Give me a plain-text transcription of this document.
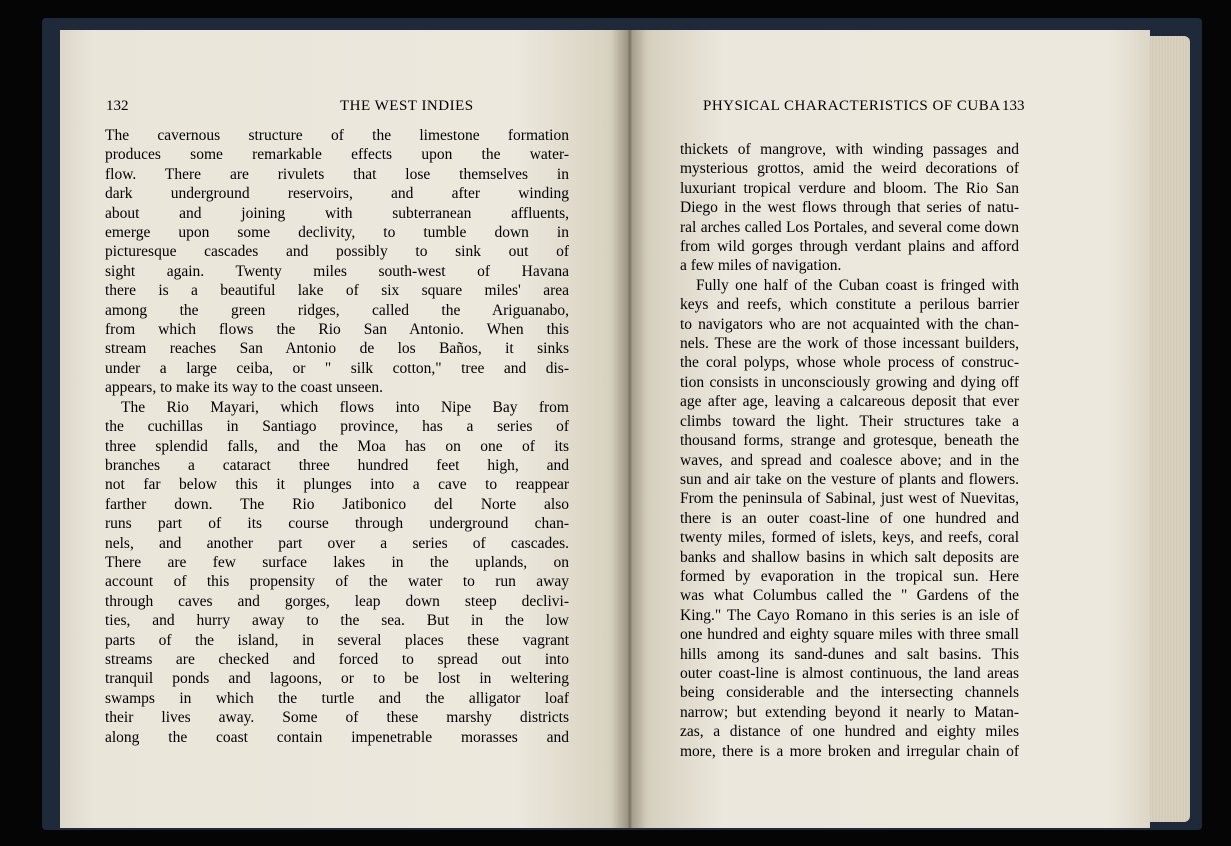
132	THE WEST INDIES	PHYSICAL CHARACTERISTICS OF CUBA 133
The cavernous structure of the limestone formation
produces some remarkable effects upon the water-
flow. There are rivulets that lose themselves in
dark underground reservoirs, and after winding
about and joining with subterranean affluents,
emerge upon some declivity, to tumble down in
picturesque cascades and possibly to sink out of
sight again. Twenty miles south-west of Havana
there is a beautiful lake of six square miles' area
among the green ridges, called the Ariguanabo,
from which flows the Rio San Antonio. When this
stream reaches San Antonio de los Baños, it sinks
under a large ceiba, or " silk cotton," tree and dis-
appears, to make its way to the coast unseen.
The Rio Mayari, which flows into Nipe Bay from
the cuchillas in Santiago province, has a series of
three splendid falls, and the Moa has on one of its
branches a cataract three hundred feet high, and
not far below this it plunges into a cave to reappear
farther down. The Rio Jatibonico del Norte also
runs part of its course through underground chan-
nels, and another part over a series of cascades.
There are few surface lakes in the uplands, on
account of this propensity of the water to run away
through caves and gorges, leap down steep declivi-
ties, and hurry away to the sea. But in the low
parts of the island, in several places these vagrant
streams are checked and forced to spread out into
tranquil ponds and lagoons, or to be lost in weltering
swamps in which the turtle and the alligator loaf
their lives away. Some of these marshy districts
along the coast contain impenetrable morasses and
thickets of mangrove, with winding passages and
mysterious grottos, amid the weird decorations of
luxuriant tropical verdure and bloom. The Rio San
Diego in the west flows through that series of natu-
ral arches called Los Portales, and several come down
from wild gorges through verdant plains and afford
a few miles of navigation.
Fully one half of the Cuban coast is fringed with
keys and reefs, which constitute a perilous barrier
to navigators who are not acquainted with the chan-
nels. These are the work of those incessant builders,
the coral polyps, whose whole process of construc-
tion consists in unconsciously growing and dying off
age after age, leaving a calcareous deposit that ever
climbs toward the light. Their structures take a
thousand forms, strange and grotesque, beneath the
waves, and spread and coalesce above; and in the
sun and air take on the vesture of plants and flowers.
From the peninsula of Sabinal, just west of Nuevitas,
there is an outer coast-line of one hundred and
twenty miles, formed of islets, keys, and reefs, coral
banks and shallow basins in which salt deposits are
formed by evaporation in the tropical sun. Here
was what Columbus called the " Gardens of the
King." The Cayo Romano in this series is an isle of
one hundred and eighty square miles with three small
hills among its sand-dunes and salt basins. This
outer coast-line is almost continuous, the land areas
being considerable and the intersecting channels
narrow; but extending beyond it nearly to Matan-
zas, a distance of one hundred and eighty miles
more, there is a more broken and irregular chain of
